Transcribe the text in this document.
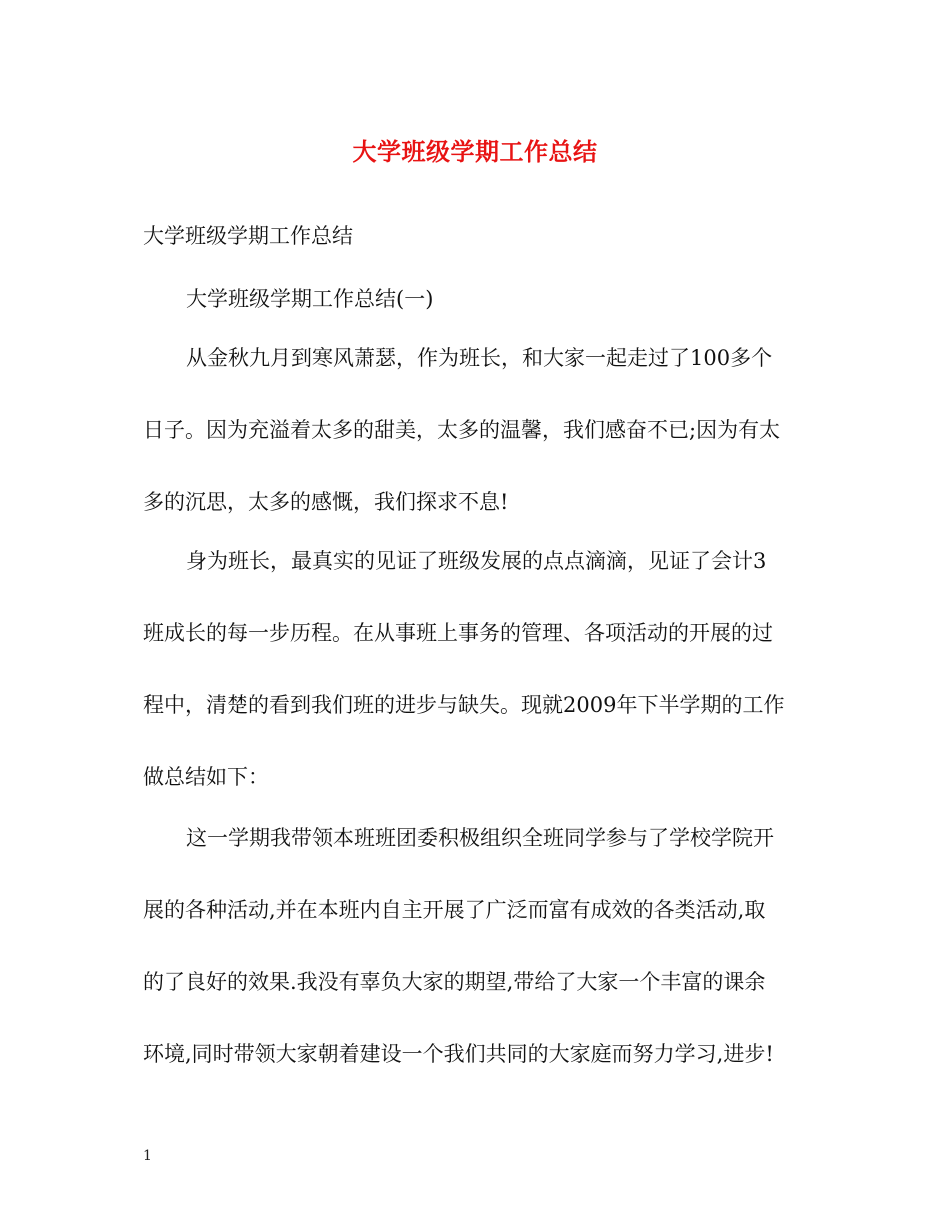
大学班级学期工作总结
大学班级学期工作总结
大学班级学期工作总结(一)
从金秋九月到寒风萧瑟，作为班长，和大家一起走过了100多个
日子。因为充溢着太多的甜美，太多的温馨，我们感奋不已;因为有太
多的沉思，太多的感慨，我们探求不息!
身为班长，最真实的见证了班级发展的点点滴滴，见证了会计3
班成长的每一步历程。在从事班上事务的管理、各项活动的开展的过
程中，清楚的看到我们班的进步与缺失。现就2009年下半学期的工作
做总结如下：
这一学期我带领本班班团委积极组织全班同学参与了学校学院开
展的各种活动,并在本班内自主开展了广泛而富有成效的各类活动,取
的了良好的效果.我没有辜负大家的期望,带给了大家一个丰富的课余
环境,同时带领大家朝着建设一个我们共同的大家庭而努力学习,进步!
1
